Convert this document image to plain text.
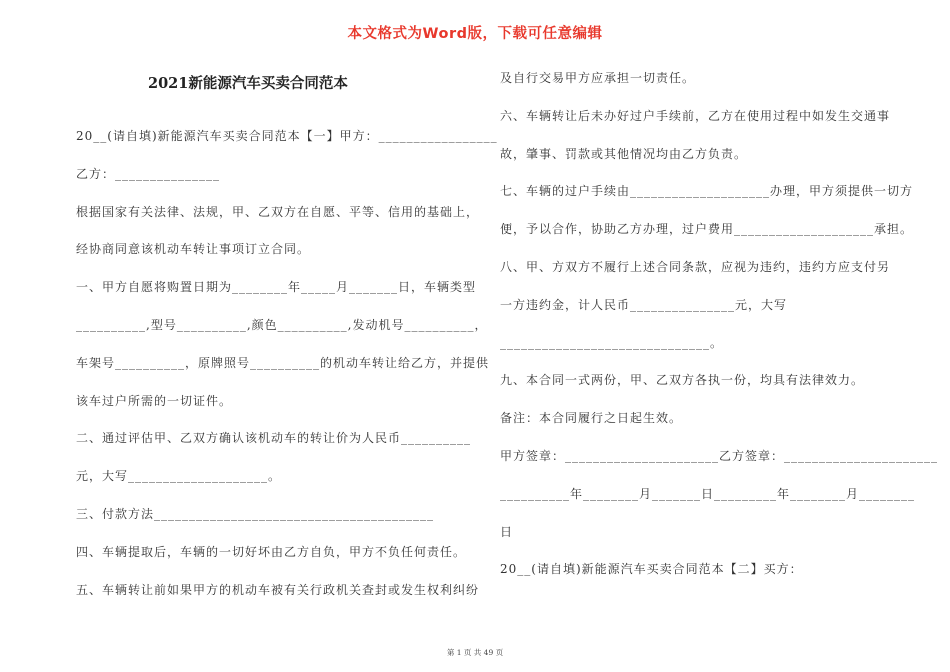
本文格式为Word版，下载可任意编辑
2021新能源汽车买卖合同范本

20__(请自填)新能源汽车买卖合同范本【一】甲方：_________________

乙方：_______________

根据国家有关法律、法规，甲、乙双方在自愿、平等、信用的基础上，

经协商同意该机动车转让事项订立合同。

一、甲方自愿将购置日期为________年_____月_______日，车辆类型

__________,型号__________,颜色__________,发动机号__________，

车架号__________，原牌照号__________的机动车转让给乙方，并提供

该车过户所需的一切证件。

二、通过评估甲、乙双方确认该机动车的转让价为人民币__________

元，大写____________________。

三、付款方法________________________________________

四、车辆提取后，车辆的一切好坏由乙方自负，甲方不负任何责任。

五、车辆转让前如果甲方的机动车被有关行政机关查封或发生权利纠纷

及自行交易甲方应承担一切责任。

六、车辆转让后未办好过户手续前，乙方在使用过程中如发生交通事

故，肇事、罚款或其他情况均由乙方负责。

七、车辆的过户手续由____________________办理，甲方须提供一切方

便，予以合作，协助乙方办理，过户费用____________________承担。

八、甲、方双方不履行上述合同条款，应视为违约，违约方应支付另

一方违约金，计人民币_______________元，大写

______________________________。

九、本合同一式两份，甲、乙双方各执一份，均具有法律效力。

备注：本合同履行之日起生效。

甲方签章：______________________乙方签章：______________________

__________年________月_______日_________年________月________

日

20__(请自填)新能源汽车买卖合同范本【二】买方：

第 1 页 共 49 页
